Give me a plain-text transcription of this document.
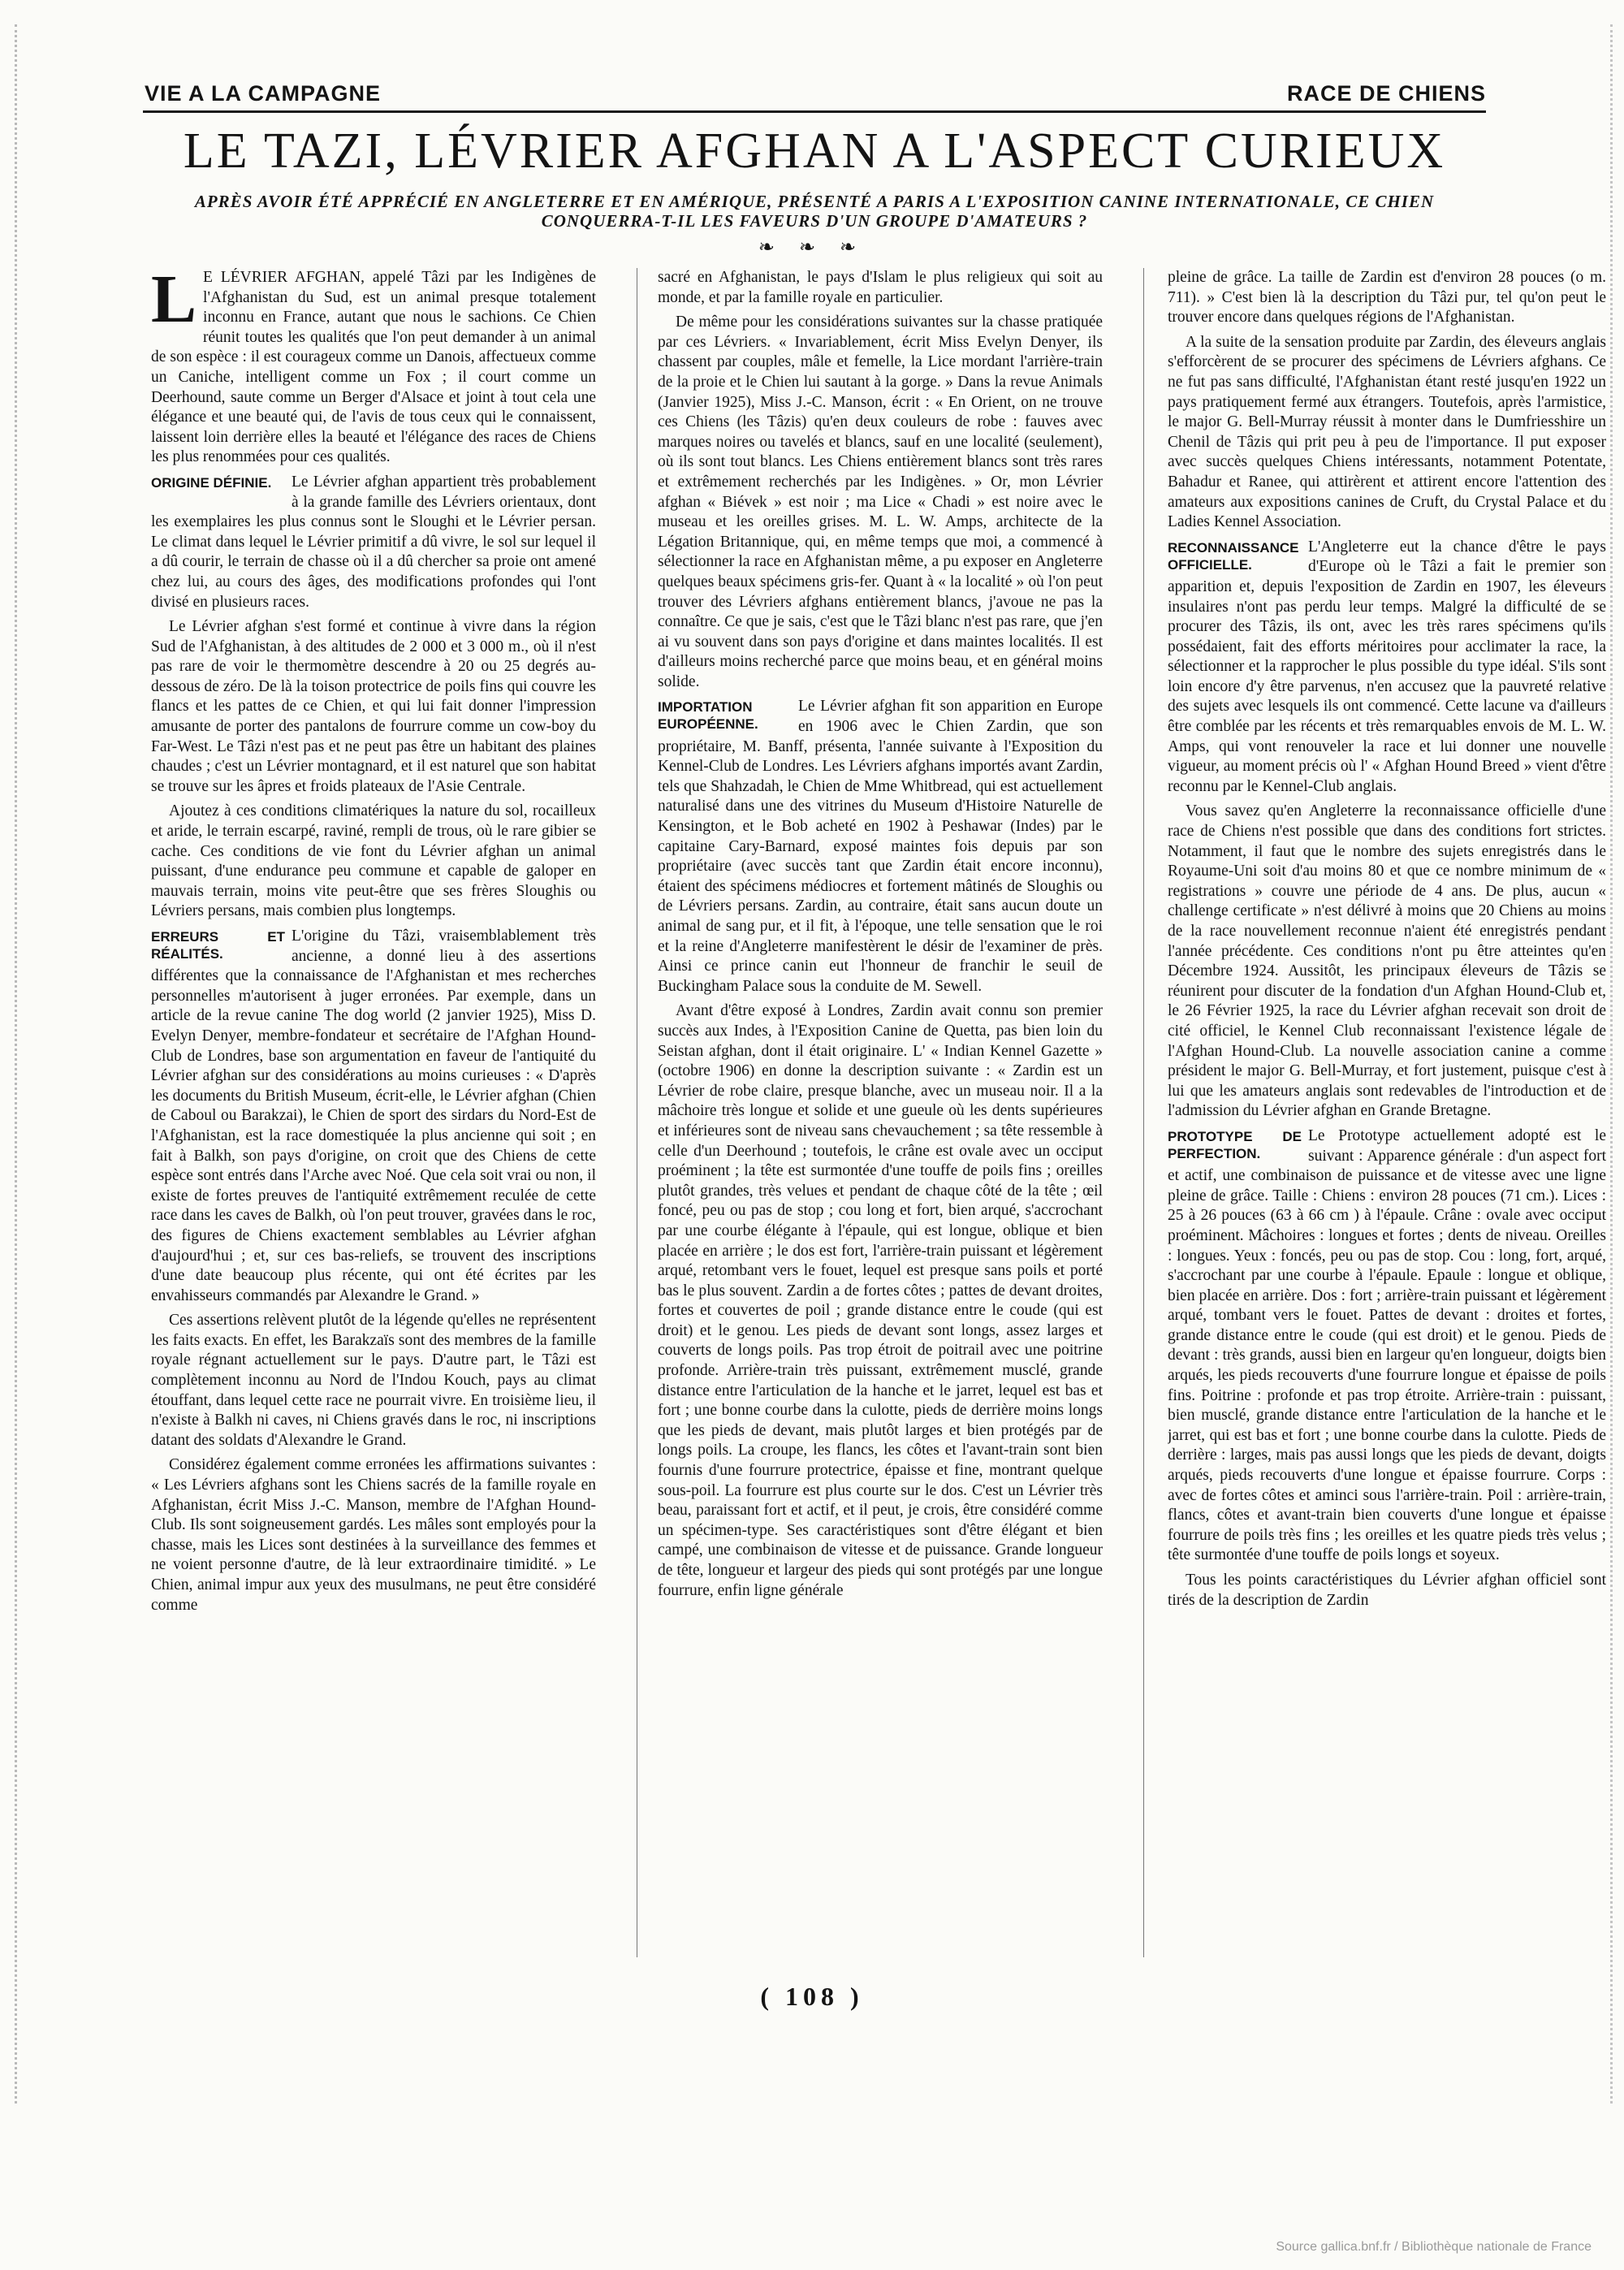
VIE A LA CAMPAGNE	RACE DE CHIENS
LE TAZI, LÉVRIER AFGHAN A L'ASPECT CURIEUX
APRÈS AVOIR ÉTÉ APPRÉCIÉ EN ANGLETERRE ET EN AMÉRIQUE, PRÉSENTÉ A PARIS A L'EXPOSITION CANINE INTERNATIONALE, CE CHIEN CONQUERRA-T-IL LES FAVEURS D'UN GROUPE D'AMATEURS ?
❧ ❧ ❧

L E LÉVRIER AFGHAN, appelé Tâzi par les Indigènes de l'Afghanistan du Sud, est un animal presque totalement inconnu en France, autant que nous le sachions. Ce Chien réunit toutes les qualités que l'on peut demander à un animal de son espèce : il est courageux comme un Danois, affectueux comme un Caniche, intelligent comme un Fox ; il court comme un Deerhound, saute comme un Berger d'Alsace et joint à tout cela une élégance et une beauté qui, de l'avis de tous ceux qui le connaissent, laissent loin derrière elles la beauté et l'élégance des races de Chiens les plus renommées pour ces qualités.

ORIGINE DÉFINIE.	Le Lévrier afghan appartient très probablement à la grande famille des Lévriers orientaux, dont les exemplaires les plus connus sont le Sloughi et le Lévrier persan. Le climat dans lequel le Lévrier primitif a dû vivre, le sol sur lequel il a dû courir, le terrain de chasse où il a dû chercher sa proie ont amené chez lui, au cours des âges, des modifications profondes qui l'ont divisé en plusieurs races.

Le Lévrier afghan s'est formé et continue à vivre dans la région Sud de l'Afghanistan, à des altitudes de 2 000 et 3 000 m., où il n'est pas rare de voir le thermomètre descendre à 20 ou 25 degrés au-dessous de zéro. De là la toison protectrice de poils fins qui couvre les flancs et les pattes de ce Chien, et qui lui fait donner l'impression amusante de porter des pantalons de fourrure comme un cow-boy du Far-West. Le Tâzi n'est pas et ne peut pas être un habitant des plaines chaudes ; c'est un Lévrier montagnard, et il est naturel que son habitat se trouve sur les âpres et froids plateaux de l'Asie Centrale.

Ajoutez à ces conditions climatériques la nature du sol, rocailleux et aride, le terrain escarpé, raviné, rempli de trous, où le rare gibier se cache. Ces conditions de vie font du Lévrier afghan un animal puissant, d'une endurance peu commune et capable de galoper en mauvais terrain, moins vite peut-être que ses frères Sloughis ou Lévriers persans, mais combien plus longtemps.

ERREURS ET RÉALITÉS.
L'origine du Tâzi, vraisemblablement très ancienne, a donné lieu à des assertions différentes que la connaissance de l'Afghanistan et mes recherches personnelles m'autorisent à juger erronées. Par exemple, dans un article de la revue canine The dog world (2 janvier 1925), Miss D. Evelyn Denyer, membre-fondateur et secrétaire de l'Afghan Hound-Club de Londres, base son argumentation en faveur de l'antiquité du Lévrier afghan sur des considérations au moins curieuses : « D'après les documents du British Museum, écrit-elle, le Lévrier afghan (Chien de Caboul ou Barakzai), le Chien de sport des sirdars du Nord-Est de l'Afghanistan, est la race domestiquée la plus ancienne qui soit ; en fait à Balkh, son pays d'origine, on croit que des Chiens de cette espèce sont entrés dans l'Arche avec Noé. Que cela soit vrai ou non, il existe de fortes preuves de l'antiquité extrêmement reculée de cette race dans les caves de Balkh, où l'on peut trouver, gravées dans le roc, des figures de Chiens exactement semblables au Lévrier afghan d'aujourd'hui ; et, sur ces bas-reliefs, se trouvent des inscriptions d'une date beaucoup plus récente, qui ont été écrites par les envahisseurs commandés par Alexandre le Grand. »

Ces assertions relèvent plutôt de la légende qu'elles ne représentent les faits exacts. En effet, les Barakzaïs sont des membres de la famille royale régnant actuellement sur le pays. D'autre part, le Tâzi est complètement inconnu au Nord de l'Indou Kouch, pays au climat étouffant, dans lequel cette race ne pourrait vivre. En troisième lieu, il n'existe à Balkh ni caves, ni Chiens gravés dans le roc, ni inscriptions datant des soldats d'Alexandre le Grand.

Considérez également comme erronées les affirmations suivantes : « Les Lévriers afghans sont les Chiens sacrés de la famille royale en Afghanistan, écrit Miss J.-C. Manson, membre de l'Afghan Hound-Club. Ils sont soigneusement gardés. Les mâles sont employés pour la chasse, mais les Lices sont destinées à la surveillance des femmes et ne voient personne d'autre, de là leur extraordinaire timidité. » Le Chien, animal impur aux yeux des musulmans, ne peut être considéré comme

sacré en Afghanistan, le pays d'Islam le plus religieux qui soit au monde, et par la famille royale en particulier.

De même pour les considérations suivantes sur la chasse pratiquée par ces Lévriers. « Invariablement, écrit Miss Evelyn Denyer, ils chassent par couples, mâle et femelle, la Lice mordant l'arrière-train de la proie et le Chien lui sautant à la gorge. » Dans la revue Animals (Janvier 1925), Miss J.-C. Manson, écrit : « En Orient, on ne trouve ces Chiens (les Tâzis) qu'en deux couleurs de robe : fauves avec marques noires ou tavelés et blancs, sauf en une localité (seulement), où ils sont tout blancs. Les Chiens entièrement blancs sont très rares et extrêmement recherchés par les Indigènes. » Or, mon Lévrier afghan « Biévek » est noir ; ma Lice « Chadi » est noire avec le museau et les oreilles grises. M. L. W. Amps, architecte de la Légation Britannique, qui, en même temps que moi, a commencé à sélectionner la race en Afghanistan même, a pu exposer en Angleterre quelques beaux spécimens gris-fer. Quant à « la localité » où l'on peut trouver des Lévriers afghans entièrement blancs, j'avoue ne pas la connaître. Ce que je sais, c'est que le Tâzi blanc n'est pas rare, que j'en ai vu souvent dans son pays d'origine et dans maintes localités. Il est d'ailleurs moins recherché parce que moins beau, et en général moins solide.

IMPORTATION EUROPÉENNE.
Le Lévrier afghan fit son apparition en Europe en 1906 avec le Chien Zardin, que son propriétaire, M. Banff, présenta, l'année suivante à l'Exposition du Kennel-Club de Londres. Les Lévriers afghans importés avant Zardin, tels que Shahzadah, le Chien de Mme Whitbread, qui est actuellement naturalisé dans une des vitrines du Museum d'Histoire Naturelle de Kensington, et le Bob acheté en 1902 à Peshawar (Indes) par le capitaine Cary-Barnard, exposé maintes fois depuis par son propriétaire (avec succès tant que Zardin était encore inconnu), étaient des spécimens médiocres et fortement mâtinés de Sloughis ou de Lévriers persans. Zardin, au contraire, était sans aucun doute un animal de sang pur, et il fit, à l'époque, une telle sensation que le roi et la reine d'Angleterre manifestèrent le désir de l'examiner de près. Ainsi ce prince canin eut l'honneur de franchir le seuil de Buckingham Palace sous la conduite de M. Sewell.

Avant d'être exposé à Londres, Zardin avait connu son premier succès aux Indes, à l'Exposition Canine de Quetta, pas bien loin du Seistan afghan, dont il était originaire. L' « Indian Kennel Gazette » (octobre 1906) en donne la description suivante : « Zardin est un Lévrier de robe claire, presque blanche, avec un museau noir. Il a la mâchoire très longue et solide et une gueule où les dents supérieures et inférieures sont de niveau sans chevauchement ; sa tête ressemble à celle d'un Deerhound ; toutefois, le crâne est ovale avec un occiput proéminent ; la tête est surmontée d'une touffe de poils fins ; oreilles plutôt grandes, très velues et pendant de chaque côté de la tête ; œil foncé, peu ou pas de stop ; cou long et fort, bien arqué, s'accrochant par une courbe élégante à l'épaule, qui est longue, oblique et bien placée en arrière ; le dos est fort, l'arrière-train puissant et légèrement arqué, retombant vers le fouet, lequel est presque sans poils et porté bas le plus souvent. Zardin a de fortes côtes ; pattes de devant droites, fortes et couvertes de poil ; grande distance entre le coude (qui est droit) et le genou. Les pieds de devant sont longs, assez larges et couverts de longs poils. Pas trop étroit de poitrail avec une poitrine profonde. Arrière-train très puissant, extrêmement musclé, grande distance entre l'articulation de la hanche et le jarret, lequel est bas et fort ; une bonne courbe dans la culotte, pieds de derrière moins longs que les pieds de devant, mais plutôt larges et bien protégés par de longs poils. La croupe, les flancs, les côtes et l'avant-train sont bien fournis d'une fourrure protectrice, épaisse et fine, montrant quelque sous-poil. La fourrure est plus courte sur le dos. C'est un Lévrier très beau, paraissant fort et actif, et il peut, je crois, être considéré comme un spécimen-type. Ses caractéristiques sont d'être élégant et bien campé, une combinaison de vitesse et de puissance. Grande longueur de tête, longueur et largeur des pieds qui sont protégés par une longue fourrure, enfin ligne générale

pleine de grâce. La taille de Zardin est d'environ 28 pouces (o m. 711). » C'est bien là la description du Tâzi pur, tel qu'on peut le trouver encore dans quelques régions de l'Afghanistan.

A la suite de la sensation produite par Zardin, des éleveurs anglais s'efforcèrent de se procurer des spécimens de Lévriers afghans. Ce ne fut pas sans difficulté, l'Afghanistan étant resté jusqu'en 1922 un pays pratiquement fermé aux étrangers. Toutefois, après l'armistice, le major G. Bell-Murray réussit à monter dans le Dumfriesshire un Chenil de Tâzis qui prit peu à peu de l'importance. Il put exposer avec succès quelques Chiens intéressants, notamment Potentate, Bahadur et Ranee, qui attirèrent et attirent encore l'attention des amateurs aux expositions canines de Cruft, du Crystal Palace et du Ladies Kennel Association.

RECONNAISSANCE OFFICIELLE.
L'Angleterre eut la chance d'être le pays d'Europe où le Tâzi a fait le premier son apparition et, depuis l'exposition de Zardin en 1907, les éleveurs insulaires n'ont pas perdu leur temps. Malgré la difficulté de se procurer des Tâzis, ils ont, avec les très rares spécimens qu'ils possédaient, fait des efforts méritoires pour acclimater la race, la sélectionner et la rapprocher le plus possible du type idéal. S'ils sont loin encore d'y être parvenus, n'en accusez que la pauvreté relative des sujets avec lesquels ils ont commencé. Cette lacune va d'ailleurs être comblée par les récents et très remarquables envois de M. L. W. Amps, qui vont renouveler la race et lui donner une nouvelle vigueur, au moment précis où l' « Afghan Hound Breed » vient d'être reconnu par le Kennel-Club anglais.

Vous savez qu'en Angleterre la reconnaissance officielle d'une race de Chiens n'est possible que dans des conditions fort strictes. Notamment, il faut que le nombre des sujets enregistrés dans le Royaume-Uni soit d'au moins 80 et que ce nombre minimum de « registrations » couvre une période de 4 ans. De plus, aucun « challenge certificate » n'est délivré à moins que 20 Chiens au moins de la race nouvellement reconnue n'aient été enregistrés pendant l'année précédente. Ces conditions n'ont pu être atteintes qu'en Décembre 1924. Aussitôt, les principaux éleveurs de Tâzis se réunirent pour discuter de la fondation d'un Afghan Hound-Club et, le 26 Février 1925, la race du Lévrier afghan recevait son droit de cité officiel, le Kennel Club reconnaissant l'existence légale de l'Afghan Hound-Club. La nouvelle association canine a comme président le major G. Bell-Murray, et fort justement, puisque c'est à lui que les amateurs anglais sont redevables de l'introduction et de l'admission du Lévrier afghan en Grande Bretagne.

PROTOTYPE DE PERFECTION.
Le Prototype actuellement adopté est le suivant : Apparence générale : d'un aspect fort et actif, une combinaison de puissance et de vitesse avec une ligne pleine de grâce. Taille : Chiens : environ 28 pouces (71 cm.). Lices : 25 à 26 pouces (63 à 66 cm ) à l'épaule. Crâne : ovale avec occiput proéminent. Mâchoires : longues et fortes ; dents de niveau. Oreilles : longues. Yeux : foncés, peu ou pas de stop. Cou : long, fort, arqué, s'accrochant par une courbe à l'épaule. Epaule : longue et oblique, bien placée en arrière. Dos : fort ; arrière-train puissant et légèrement arqué, tombant vers le fouet. Pattes de devant : droites et fortes, grande distance entre le coude (qui est droit) et le genou. Pieds de devant : très grands, aussi bien en largeur qu'en longueur, doigts bien arqués, les pieds recouverts d'une fourrure longue et épaisse de poils fins. Poitrine : profonde et pas trop étroite. Arrière-train : puissant, bien musclé, grande distance entre l'articulation de la hanche et le jarret, qui est bas et fort ; une bonne courbe dans la culotte. Pieds de derrière : larges, mais pas aussi longs que les pieds de devant, doigts arqués, pieds recouverts d'une longue et épaisse fourrure. Corps : avec de fortes côtes et aminci sous l'arrière-train. Poil : arrière-train, flancs, côtes et avant-train bien couverts d'une longue et épaisse fourrure de poils très fins ; les oreilles et les quatre pieds très velus ; tête surmontée d'une touffe de poils longs et soyeux.

Tous les points caractéristiques du Lévrier afghan officiel sont tirés de la description de Zardin

( 108 )
Source gallica.bnf.fr / Bibliothèque nationale de France
